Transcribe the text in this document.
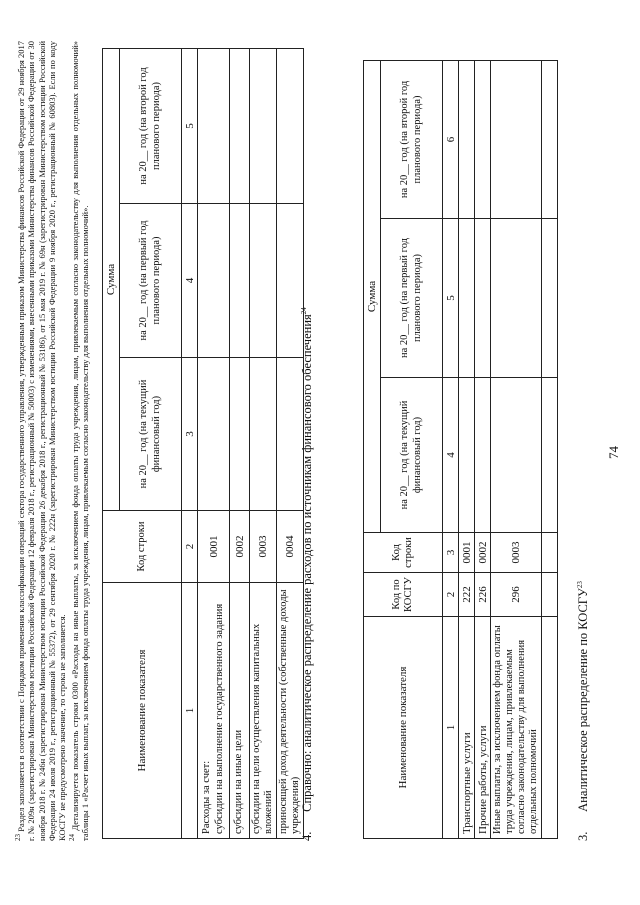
74
3. Аналитическое распределение по КОСГУ$^{23}$
Наименование показателя	Код по КОСГУ	Код строки	Сумма		
			на 20__ год (на текущий финансовый год)	на 20__ год (на первый год планового периода)	на 20__ год (на второй год планового периода)
1	2	3	4	5	6
Транспортные услуги	222	0001			
Прочие работы, услуги	226	0002			
Иные выплаты, за исключением фонда оплаты труда учреждения, лицам, привлекаемым согласно законодательству для выполнения отдельных полномочий	296	0003			

4. Справочно: аналитическое распределение расходов по источникам финансового обеспечения$^{24}$
Наименование показателя	Код строки	Сумма		
		на 20__ год (на текущий финансовый год)	на 20__ год (на первый год планового периода)	на 20__ год (на второй год планового периода)
1	2	3	4	5

Расходы за счет: субсидии на выполнение государственного задания	0001			
субсидии на иные цели	0002			
субсидии на цели осуществления капитальных вложений	0003			
приносящей доход деятельности (собственные доходы учреждения)	0004			

$^{23}$ Раздел заполняется в соответствии с Порядком применения классификации операций сектора государственного управления, утвержденным приказом Министерства финансов Российской Федерации от 29 ноября 2017 г. № 209н (зарегистрирован Министерством юстиции Российской Федерации 12 февраля 2018 г., регистрационный № 50003) с изменениями, внесенными приказами Министерства финансов Российской Федерации от 30 ноября 2018 г. № 246н (зарегистрирован Министерством юстиции Российской Федерации 26 декабря 2018 г., регистрационный № 53186), от 15 мая 2019 г. № 69н (зарегистрирован Министерством юстиции Российской Федерации 24 июля 2019 г., регистрационный № 55372), от 29 сентября 2020 г. № 222н (зарегистрирован Министерством юстиции Российской Федерации 9 ноября 2020 г., регистрационный № 60803). Если по коду КОСГУ не предусмотрено значение, то строка не заполняется. $^{24}$ Детализируется показатель строки 0300 «Расходы на иные выплаты, за исключением фонда оплаты труда учреждения, лицам, привлекаемым согласно законодательству для выполнения отдельных полномочий» таблицы 1 «Расчет иных выплат, за исключением фонда оплаты труда учреждения, лицам, привлекаемым согласно законодательству для выполнения отдельных полномочий».
